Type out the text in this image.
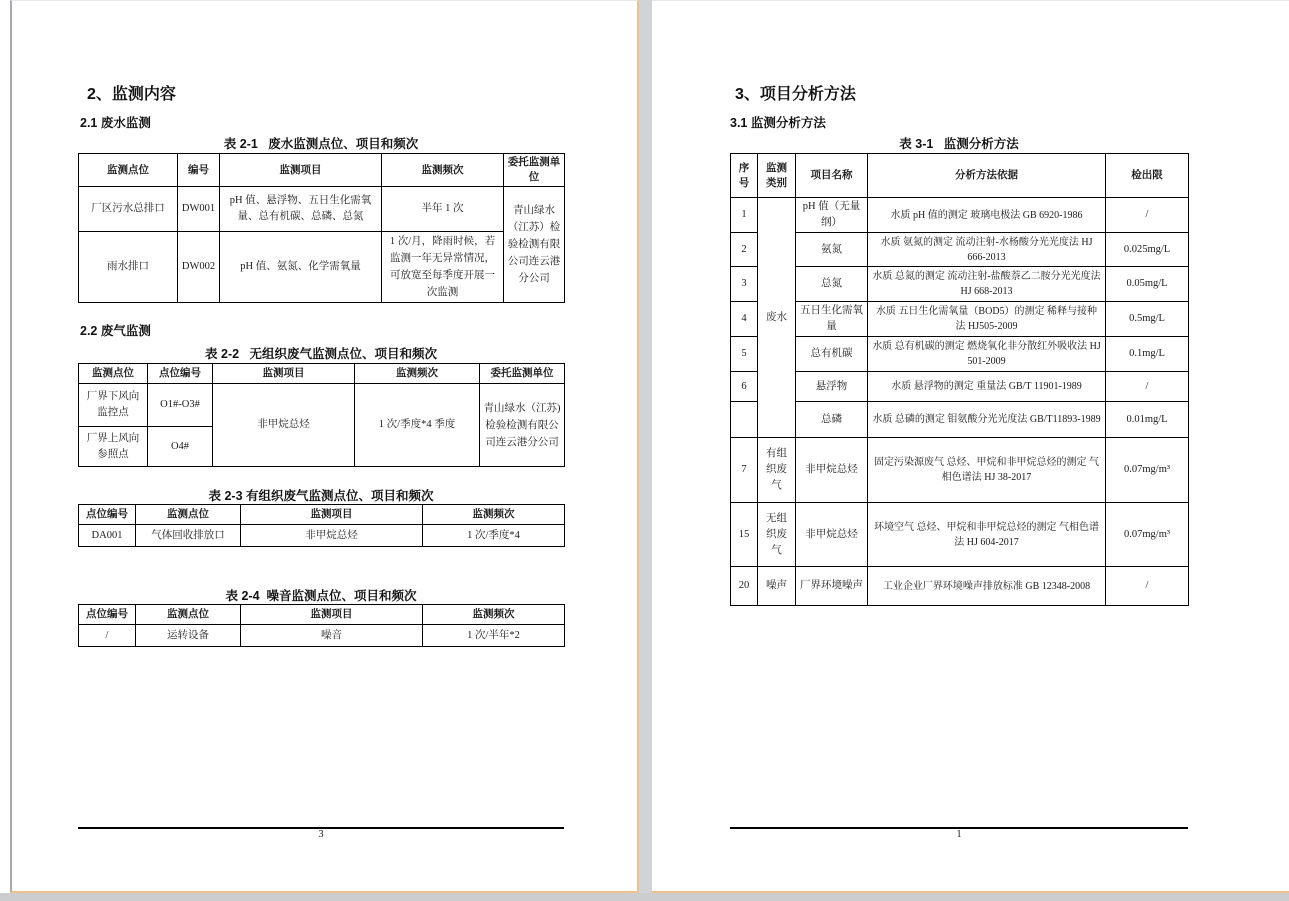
2、监测内容
2.1 废水监测
表 2-1   废水监测点位、项目和频次
监测点位	编号	监测项目	监测频次	委托监测单位
厂区污水总排口	DW001	pH 值、悬浮物、五日生化需氧量、总有机碳、总磷、总氮	半年 1 次	青山绿水（江苏）检验检测有限公司连云港分公司
雨水排口	DW002	pH 值、氨氮、化学需氧量	1 次/月，降雨时候，若监测一年无异常情况，可放宽至每季度开展一次监测	
2.2 废气监测
表 2-2   无组织废气监测点位、项目和频次
监测点位	点位编号	监测项目	监测频次	委托监测单位
厂界下风向监控点	O1#-O3#	非甲烷总烃	1 次/季度*4 季度	青山绿水（江苏)检验检测有限公司连云港分公司
厂界上风向参照点	O4#			
表 2-3 有组织废气监测点位、项目和频次
点位编号	监测点位	监测项目	监测频次
DA001	气体回收排放口	非甲烷总烃	1 次/季度*4
表 2-4  噪音监测点位、项目和频次
点位编号	监测点位	监测项目	监测频次
/	运转设备	噪音	1 次/半年*2
3
3、项目分析方法
3.1 监测分析方法
表 3-1   监测分析方法
序号	监测类别	项目名称	分析方法依据	检出限
1	废水	pH 值（无量纲）	水质 pH 值的测定 玻璃电极法 GB 6920-1986	/
2		氨氮	水质 氨氮的测定 流动注射-水杨酸分光光度法 HJ 666-2013	0.025mg/L
3		总氮	水质 总氮的测定 流动注射-盐酸萘乙二胺分光光度法 HJ 668-2013	0.05mg/L
4		五日生化需氧量	水质 五日生化需氧量（BOD5）的测定 稀释与接种法 HJ505-2009	0.5mg/L
5		总有机碳	水质 总有机碳的测定 燃烧氧化非分散红外吸收法 HJ 501-2009	0.1mg/L
6		悬浮物	水质 悬浮物的测定 重量法 GB/T 11901-1989	/
		总磷	水质 总磷的测定 钼氨酸分光光度法 GB/T11893-1989	0.01mg/L
7	有组织废气	非甲烷总烃	固定污染源废气 总烃、甲烷和非甲烷总烃的测定 气相色谱法 HJ 38-2017	0.07mg/m³
15	无组织废气	非甲烷总烃	环境空气 总烃、甲烷和非甲烷总烃的测定 气相色谱法 HJ 604-2017	0.07mg/m³
20	噪声	厂界环境噪声	工业企业厂界环境噪声排放标准 GB 12348-2008	/
1
